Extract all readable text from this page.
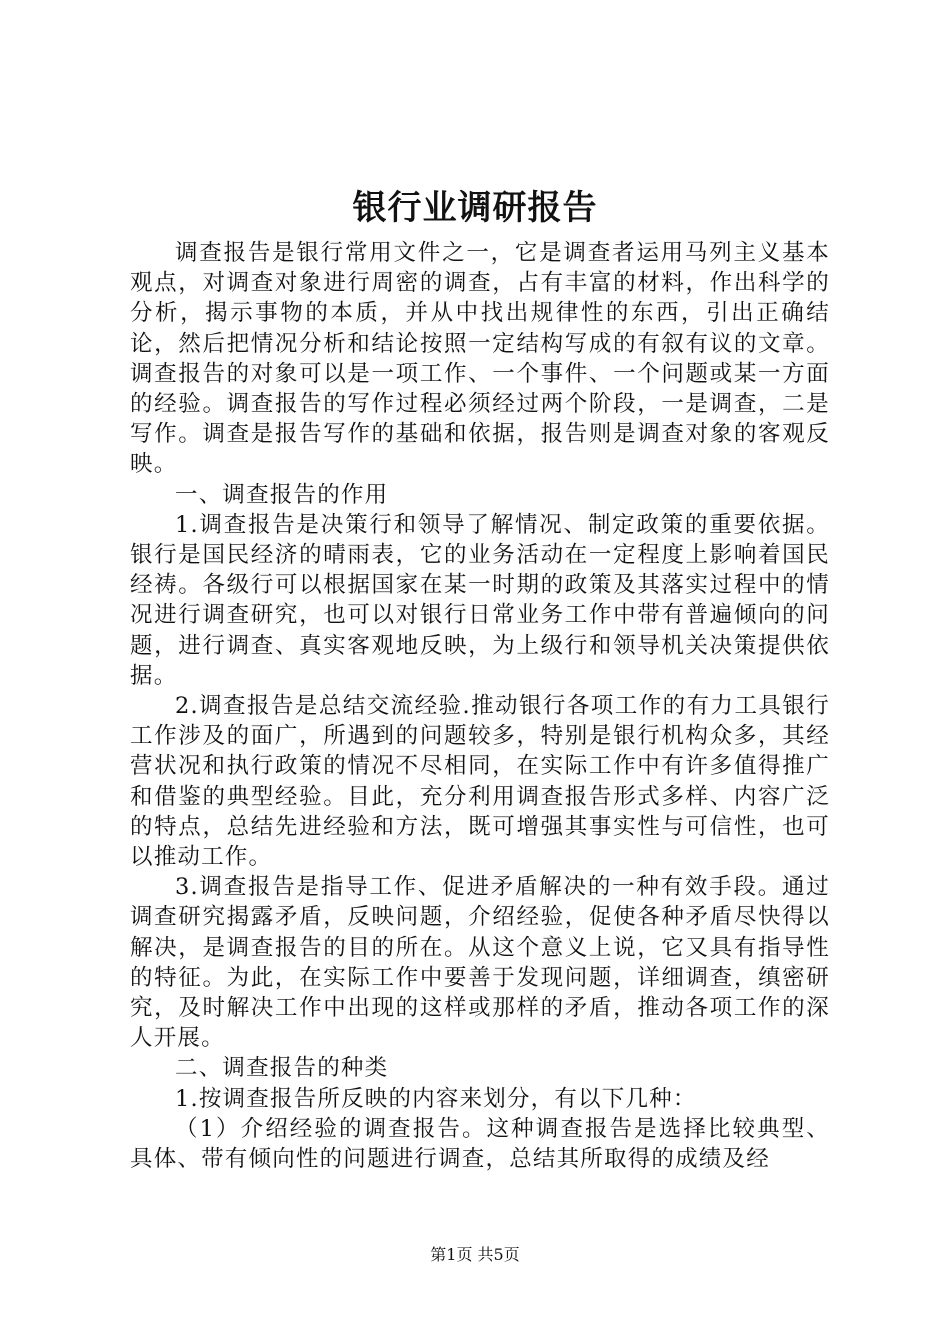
银行业调研报告

调查报告是银行常用文件之一，它是调查者运用马列主义基本观点，对调查对象进行周密的调查，占有丰富的材料，作出科学的分析，揭示事物的本质，并从中找出规律性的东西，引出正确结论，然后把情况分析和结论按照一定结构写成的有叙有议的文章。调查报告的对象可以是一项工作、一个事件、一个问题或某一方面的经验。调查报告的写作过程必须经过两个阶段，一是调查，二是写作。调查是报告写作的基础和依据，报告则是调查对象的客观反映。

一、调查报告的作用

1.调查报告是决策行和领导了解情况、制定政策的重要依据。银行是国民经济的晴雨表，它的业务活动在一定程度上影响着国民经祷。各级行可以根据国家在某一时期的政策及其落实过程中的情况进行调查研究，也可以对银行日常业务工作中带有普遍倾向的问题，进行调查、真实客观地反映，为上级行和领导机关决策提供依据。

2.调查报告是总结交流经验.推动银行各项工作的有力工具银行工作涉及的面广，所遇到的问题较多，特别是银行机构众多，其经营状况和执行政策的情况不尽相同，在实际工作中有许多值得推广和借鉴的典型经验。目此，充分利用调查报告形式多样、内容广泛的特点，总结先进经验和方法，既可增强其事实性与可信性，也可以推动工作。

3.调查报告是指导工作、促进矛盾解决的一种有效手段。通过调查研究揭露矛盾，反映问题，介绍经验，促使各种矛盾尽快得以解决，是调查报告的目的所在。从这个意义上说，它又具有指导性的特征。为此，在实际工作中要善于发现问题，详细调查，缜密研究，及时解决工作中出现的这样或那样的矛盾，推动各项工作的深人开展。

二、调查报告的种类

1.按调查报告所反映的内容来划分，有以下几种：

（1）介绍经验的调查报告。这种调查报告是选择比较典型、具体、带有倾向性的问题进行调查，总结其所取得的成绩及经

第1页 共5页
